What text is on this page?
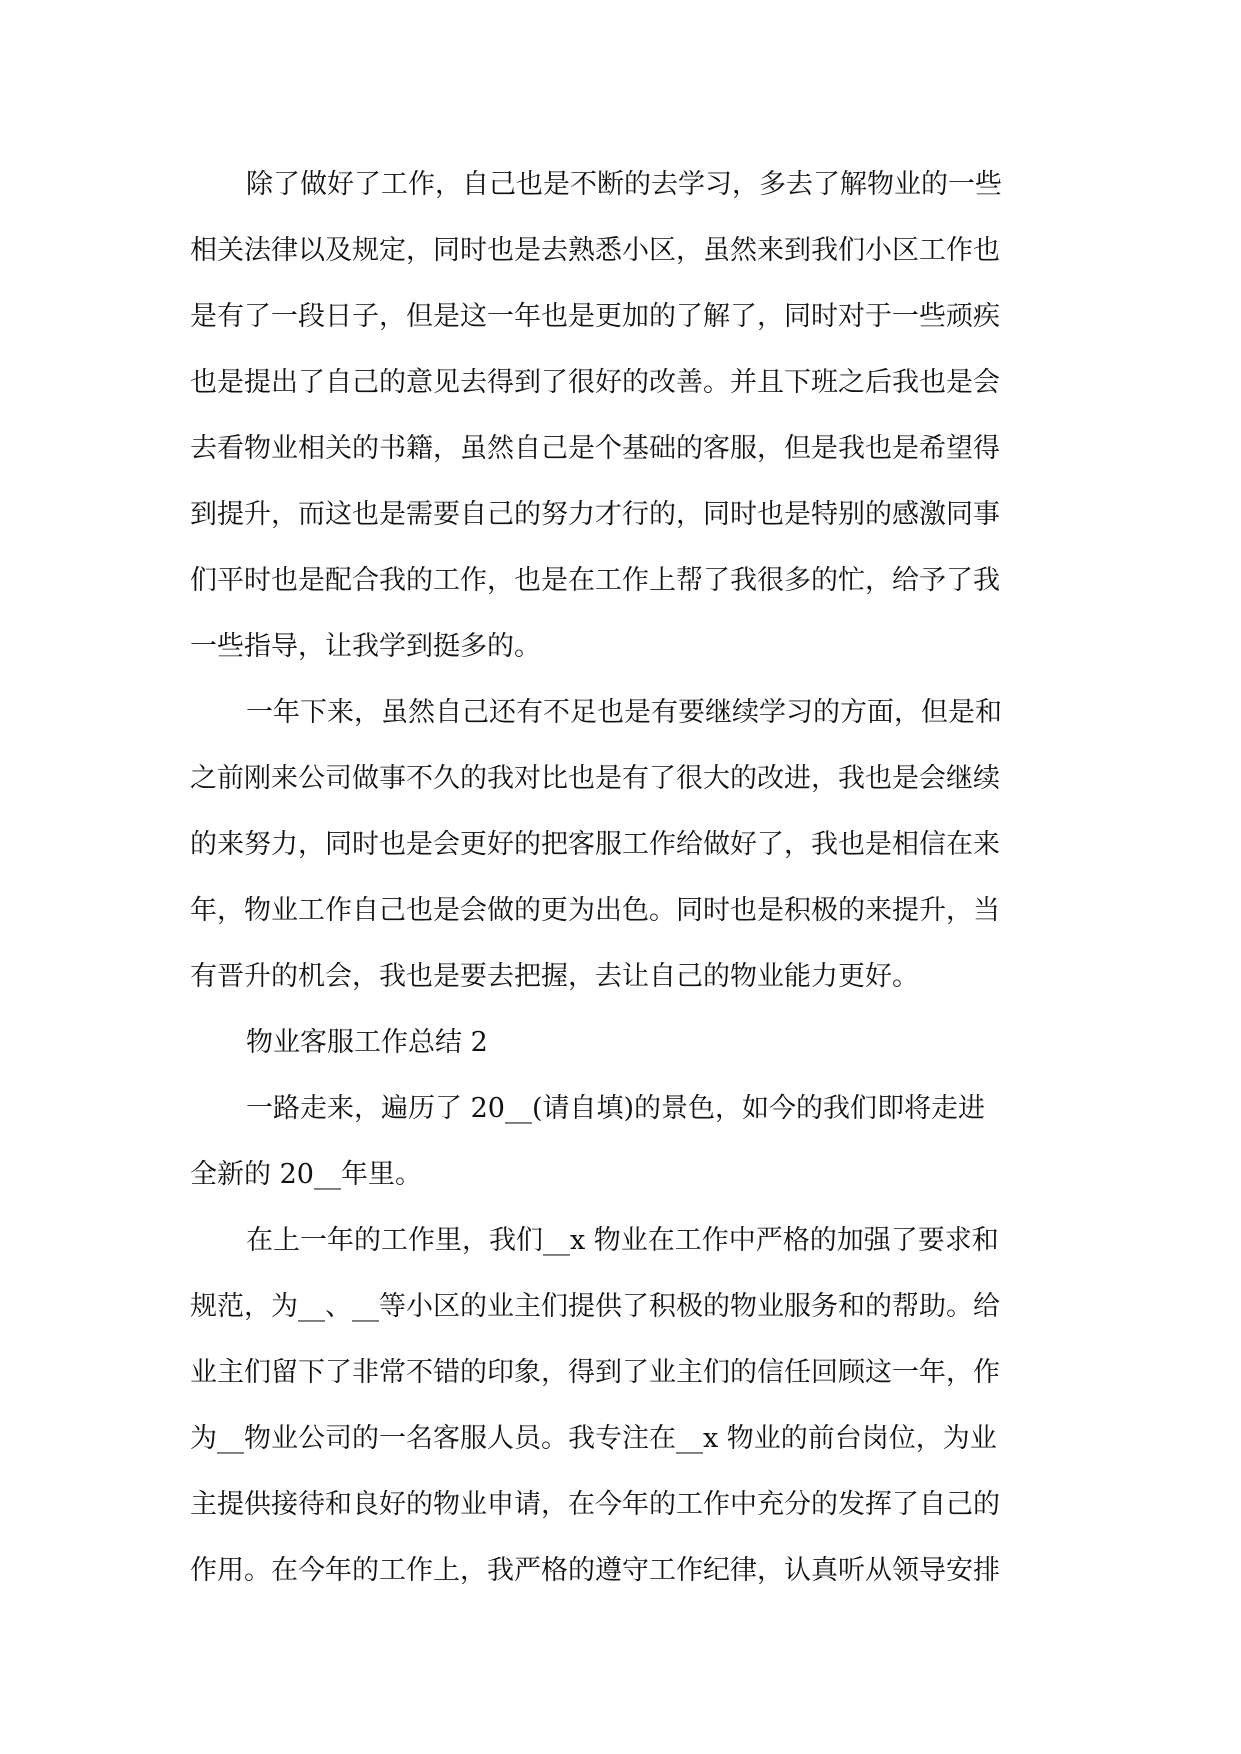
除了做好了工作，自己也是不断的去学习，多去了解物业的一些
相关法律以及规定，同时也是去熟悉小区，虽然来到我们小区工作也
是有了一段日子，但是这一年也是更加的了解了，同时对于一些顽疾
也是提出了自己的意见去得到了很好的改善。并且下班之后我也是会
去看物业相关的书籍，虽然自己是个基础的客服，但是我也是希望得
到提升，而这也是需要自己的努力才行的，同时也是特别的感激同事
们平时也是配合我的工作，也是在工作上帮了我很多的忙，给予了我
一些指导，让我学到挺多的。
一年下来，虽然自己还有不足也是有要继续学习的方面，但是和
之前刚来公司做事不久的我对比也是有了很大的改进，我也是会继续
的来努力，同时也是会更好的把客服工作给做好了，我也是相信在来
年，物业工作自己也是会做的更为出色。同时也是积极的来提升，当
有晋升的机会，我也是要去把握，去让自己的物业能力更好。
物业客服工作总结 2
一路走来，遍历了 20__(请自填)的景色，如今的我们即将走进
全新的 20__年里。
在上一年的工作里，我们__x 物业在工作中严格的加强了要求和
规范，为__、__等小区的业主们提供了积极的物业服务和的帮助。给
业主们留下了非常不错的印象，得到了业主们的信任回顾这一年，作
为__物业公司的一名客服人员。我专注在__x 物业的前台岗位，为业
主提供接待和良好的物业申请，在今年的工作中充分的发挥了自己的
作用。在今年的工作上，我严格的遵守工作纪律，认真听从领导安排
